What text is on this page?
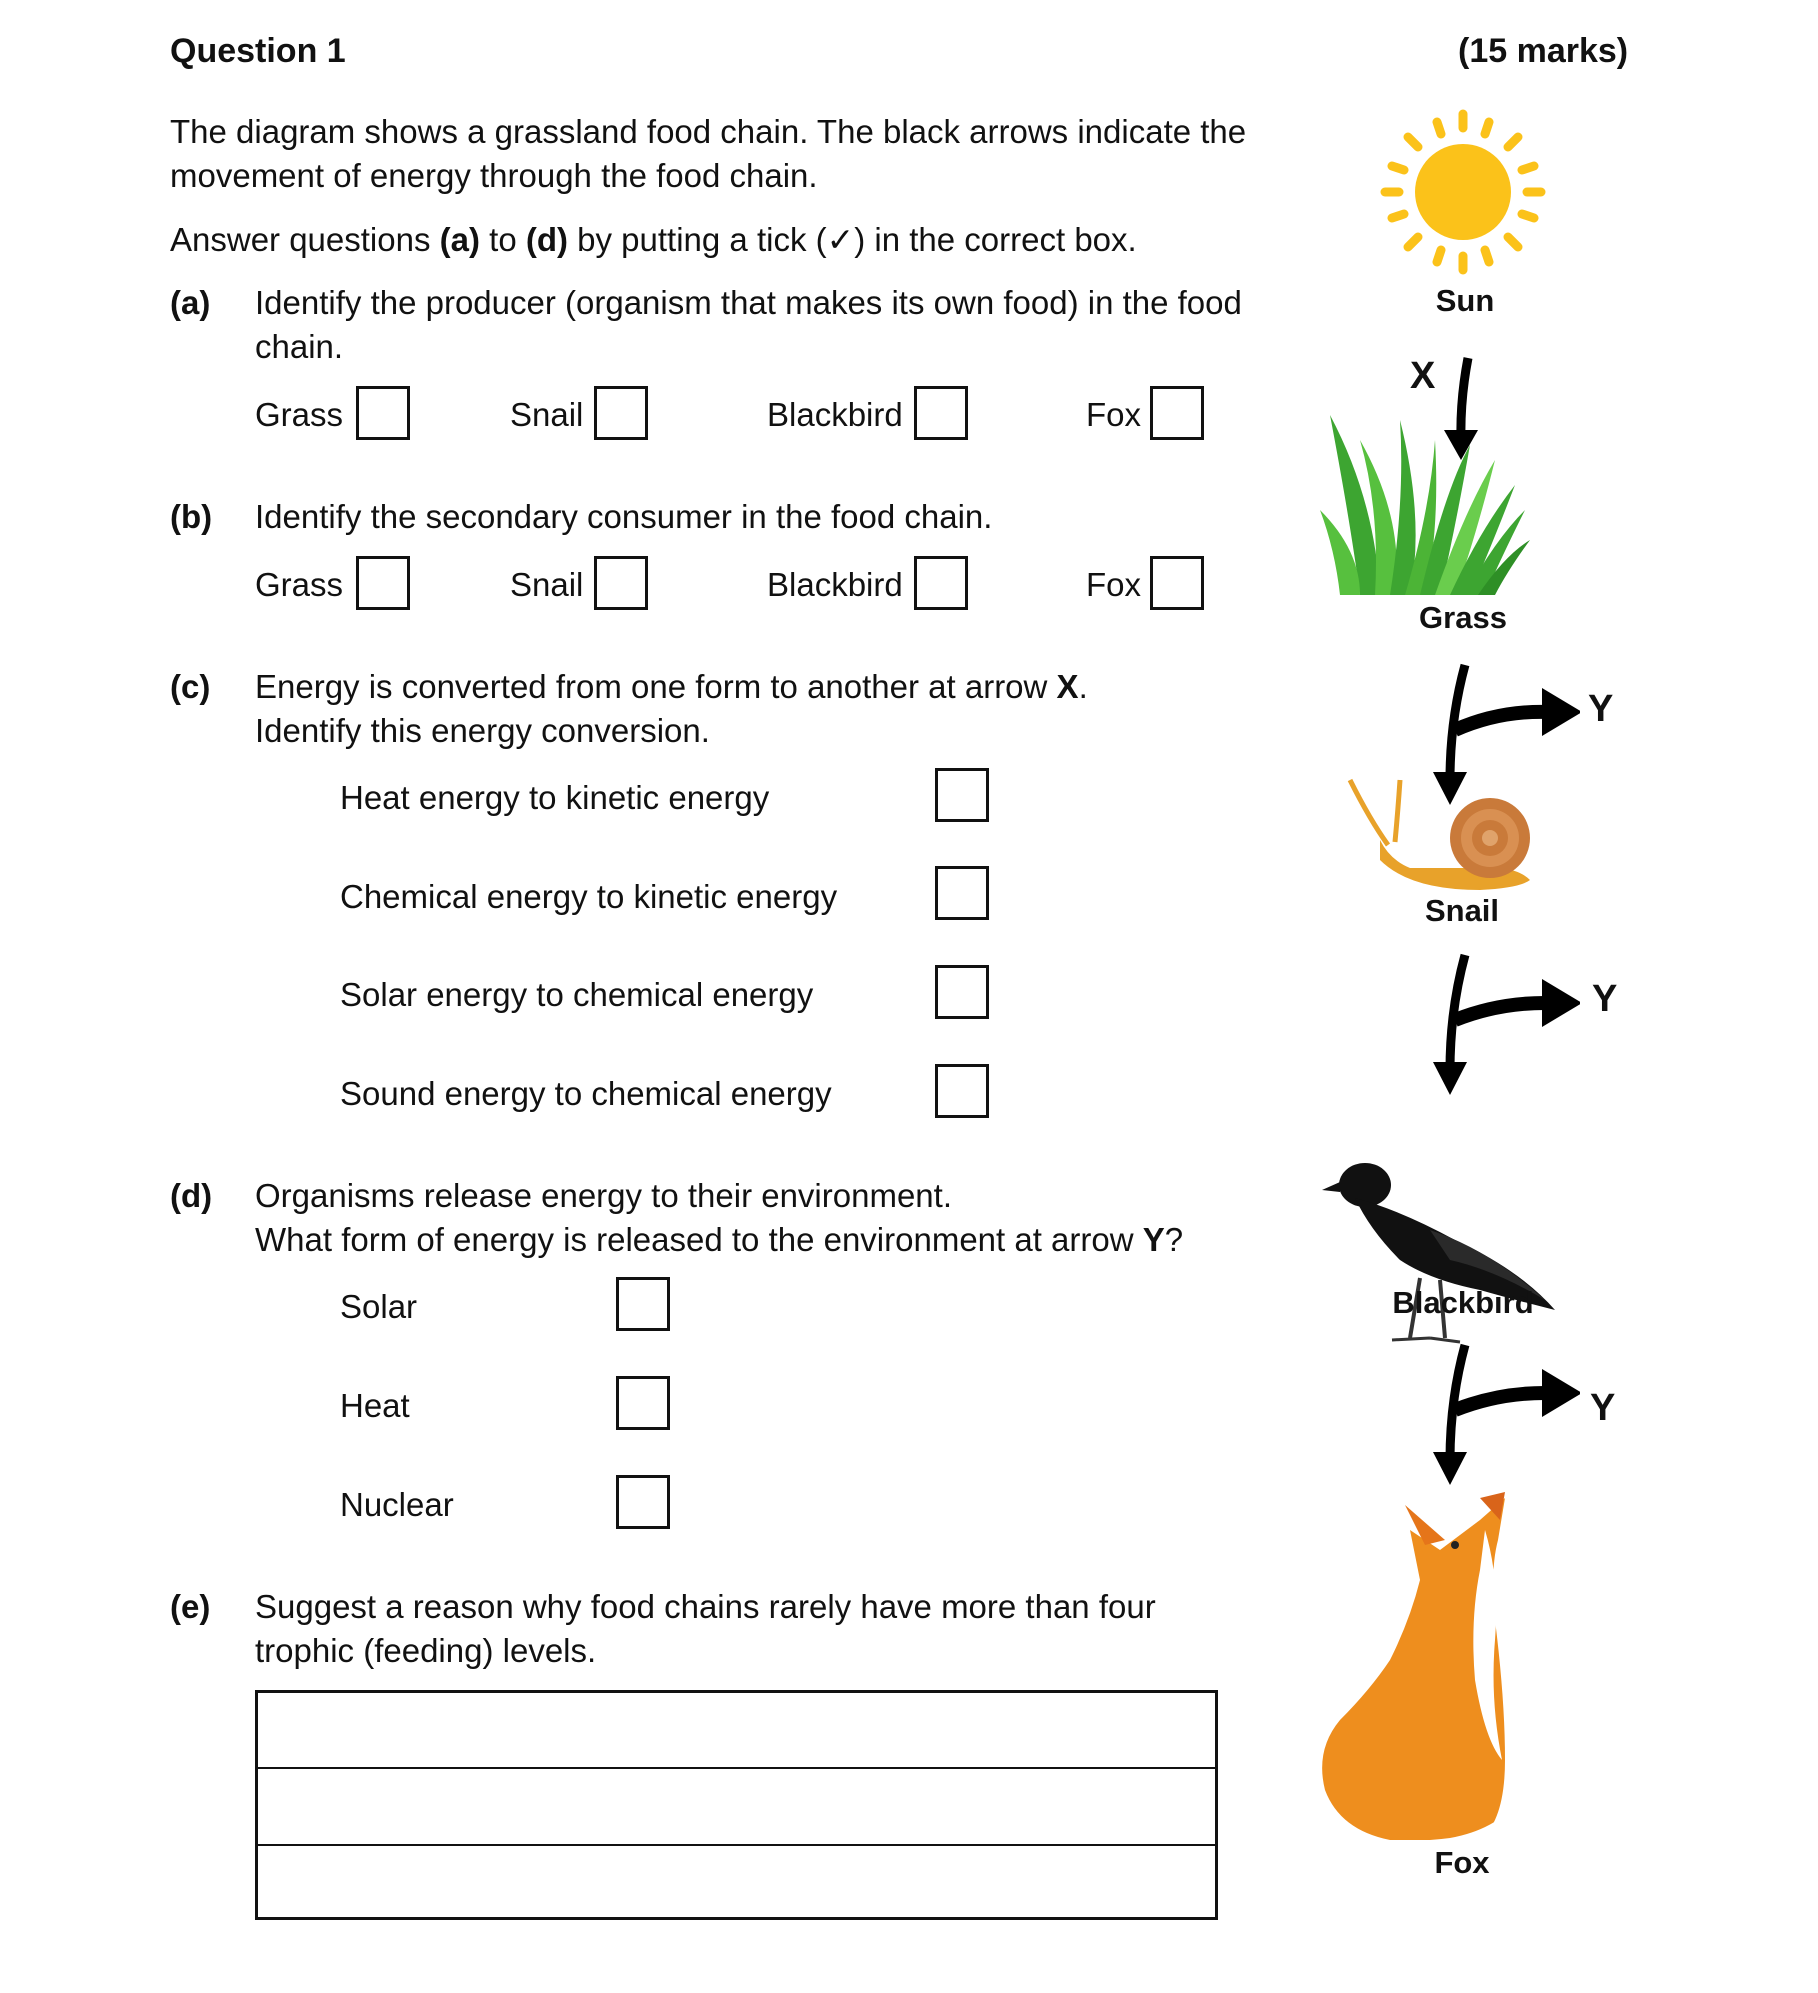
Question 1	(15 marks)
The diagram shows a grassland food chain. The black arrows indicate the
movement of energy through the food chain.
Answer questions (a) to (d) by putting a tick (✓) in the correct box.
(a) Identify the producer (organism that makes its own food) in the food
chain.
Grass	Snail	Blackbird	Fox
(b) Identify the secondary consumer in the food chain.
Grass	Snail	Blackbird	Fox
(c) Energy is converted from one form to another at arrow X.
Identify this energy conversion.
Heat energy to kinetic energy
Chemical energy to kinetic energy
Solar energy to chemical energy
Sound energy to chemical energy
(d) Organisms release energy to their environment.
What form of energy is released to the environment at arrow Y?
Solar
Heat
Nuclear
(e) Suggest a reason why food chains rarely have more than four
trophic (feeding) levels.
Sun
X
Grass
Y
Snail
Y
Blackbird
Y
Fox
